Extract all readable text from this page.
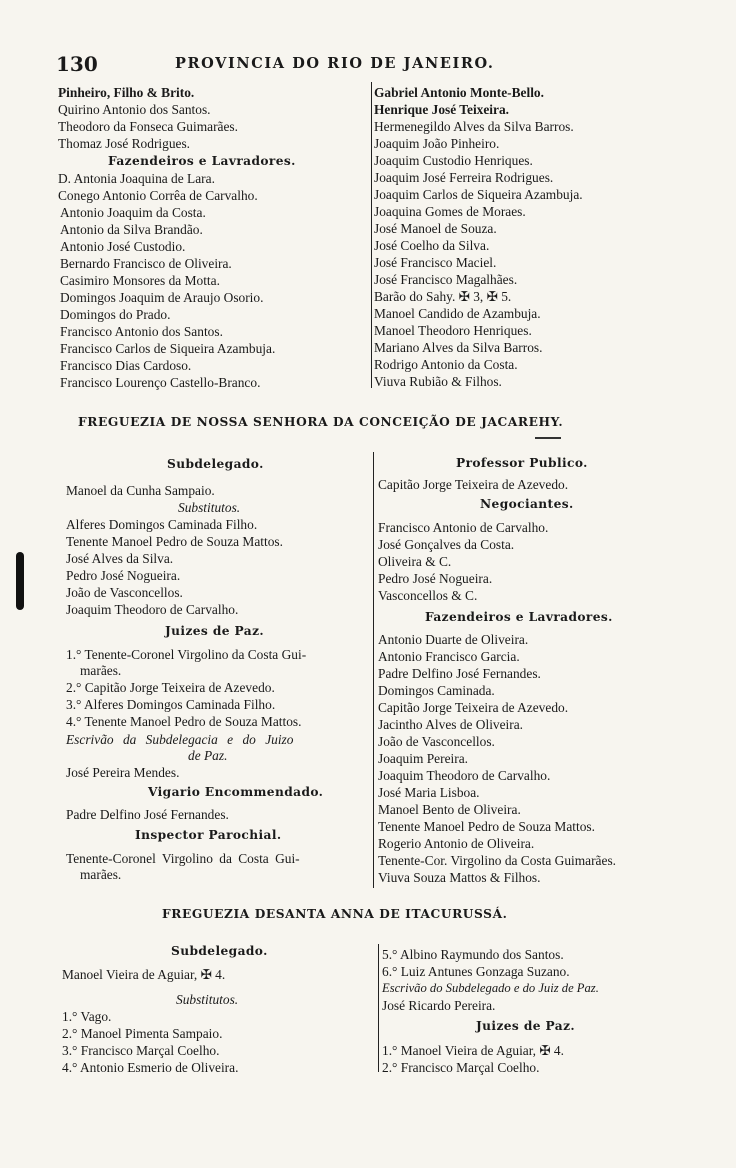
130	PROVINCIA DO RIO DE JANEIRO.
Pinheiro, Filho & Brito.
Quirino Antonio dos Santos.
Theodoro da Fonseca Guimarães.
Thomaz José Rodrigues.
Fazendeiros e Lavradores.
D. Antonia Joaquina de Lara.
Conego Antonio Corrêa de Carvalho.
Antonio Joaquim da Costa.
Antonio da Silva Brandão.
Antonio José Custodio.
Bernardo Francisco de Oliveira.
Casimiro Monsores da Motta.
Domingos Joaquim de Araujo Osorio.
Domingos do Prado.
Francisco Antonio dos Santos.
Francisco Carlos de Siqueira Azambuja.
Francisco Dias Cardoso.
Francisco Lourenço Castello-Branco.
Gabriel Antonio Monte-Bello.
Henrique José Teixeira.
Hermenegildo Alves da Silva Barros.
Joaquim João Pinheiro.
Joaquim Custodio Henriques.
Joaquim José Ferreira Rodrigues.
Joaquim Carlos de Siqueira Azambuja.
Joaquina Gomes de Moraes.
José Manoel de Souza.
José Coelho da Silva.
José Francisco Maciel.
José Francisco Magalhães.
Barão do Sahy. ✠ 3, ✠ 5.
Manoel Candido de Azambuja.
Manoel Theodoro Henriques.
Mariano Alves da Silva Barros.
Rodrigo Antonio da Costa.
Viuva Rubião & Filhos.
FREGUEZIA DE NOSSA SENHORA DA CONCEIÇÃO DE JACAREHY.
Subdelegado.
Manoel da Cunha Sampaio.
Substitutos.
Alferes Domingos Caminada Filho.
Tenente Manoel Pedro de Souza Mattos.
José Alves da Silva.
Pedro José Nogueira.
João de Vasconcellos.
Joaquim Theodoro de Carvalho.
Juizes de Paz.
1.° Tenente-Coronel Virgolino da Costa Gui-
marães.
2.° Capitão Jorge Teixeira de Azevedo.
3.° Alferes Domingos Caminada Filho.
4.° Tenente Manoel Pedro de Souza Mattos.
Escrivão da Subdelegacia e do Juizo
de Paz.
José Pereira Mendes.
Vigario Encommendado.
Padre Delfino José Fernandes.
Inspector Parochial.
Tenente-Coronel Virgolino da Costa Gui-
marães.
Professor Publico.
Capitão Jorge Teixeira de Azevedo.
Negociantes.
Francisco Antonio de Carvalho.
José Gonçalves da Costa.
Oliveira & C.
Pedro José Nogueira.
Vasconcellos & C.
Fazendeiros e Lavradores.
Antonio Duarte de Oliveira.
Antonio Francisco Garcia.
Padre Delfino José Fernandes.
Domingos Caminada.
Capitão Jorge Teixeira de Azevedo.
Jacintho Alves de Oliveira.
João de Vasconcellos.
Joaquim Pereira.
Joaquim Theodoro de Carvalho.
José Maria Lisboa.
Manoel Bento de Oliveira.
Tenente Manoel Pedro de Souza Mattos.
Rogerio Antonio de Oliveira.
Tenente-Cor. Virgolino da Costa Guimarães.
Viuva Souza Mattos & Filhos.
FREGUEZIA DESANTA ANNA DE ITACURUSSÁ.
Subdelegado.
Manoel Vieira de Aguiar, ✠ 4.
Substitutos.
1.° Vago.
2.° Manoel Pimenta Sampaio.
3.° Francisco Marçal Coelho.
4.° Antonio Esmerio de Oliveira.
5.° Albino Raymundo dos Santos.
6.° Luiz Antunes Gonzaga Suzano.
Escrivão do Subdelegado e do Juiz de Paz.
José Ricardo Pereira.
Juizes de Paz.
1.° Manoel Vieira de Aguiar, ✠ 4.
2.° Francisco Marçal Coelho.
